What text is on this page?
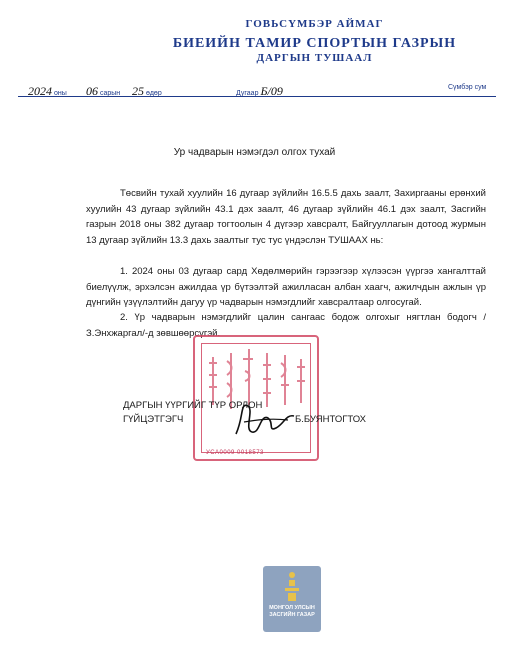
ГОВЬСҮМБЭР АЙМАГ
БИЕИЙН ТАМИР СПОРТЫН ГАЗРЫН
ДАРГЫН ТУШААЛ
2024 оны 06 сарын 25 өдөр	Дугаар Б/09	Сүмбэр сум
Ур чадварын нэмэгдэл олгох тухай

Төсвийн тухай хуулийн 16 дугаар зүйлийн 16.5.5 дахь заалт, Захиргааны ерөнхий хуулийн 43 дугаар зүйлийн 43.1 дэх заалт, 46 дугаар зүйлийн 46.1 дэх заалт, Засгийн газрын 2018 оны 382 дугаар тогтоолын 4 дүгээр хавсралт, Байгууллагын дотоод журмын 13 дугаар зүйлийн 13.3 дахь заалтыг тус тус үндэслэн ТУШААХ нь:

1. 2024 оны 03 дугаар сард Хөдөлмөрийн гэрээгээр хүлээсэн үүргээ хангалттай биелүүлж, эрхэлсэн ажилдаа үр бүтээлтэй ажилласан албан хаагч, ажилчдын ажлын үр дүнгийн үзүүлэлтийн дагуу үр чадварын нэмэгдлийг хавсралтаар олгосугай.

2. Үр чадварын нэмэгдлийг цалин сангаас бодож олгохыг нягтлан бодогч /З.Энхжаргал/-д зөвшөөрсүгэй.

ДАРГЫН ҮҮРГИЙГ ТҮР ОРЛОН
ГҮЙЦЭТГЭГЧ	Б.БУЯНТОГТОХ
УСА0009 0018573
МОНГОЛ УЛСЫН
ЗАСГИЙН ГАЗАР
